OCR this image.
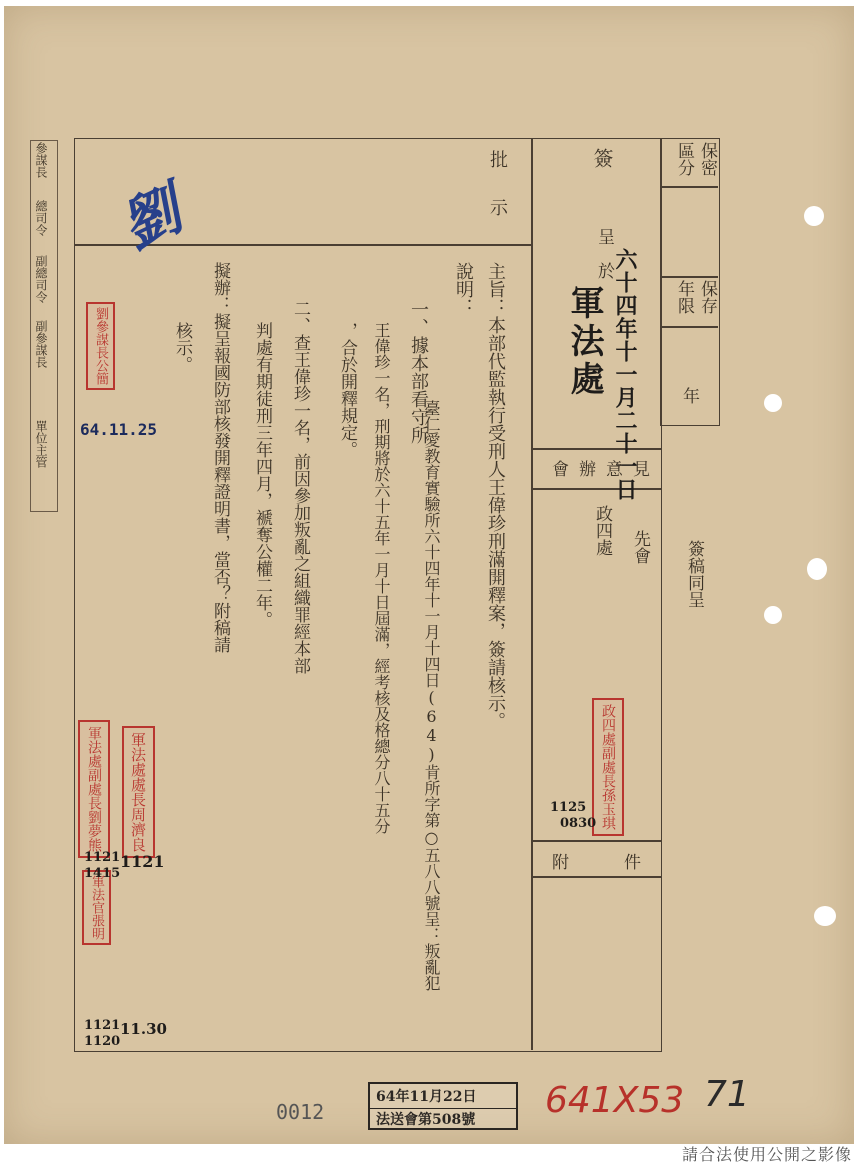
保密
區分
保存
年限
年
簽稿同呈
簽
呈
於
軍法處 六十四年十一月二十一日
批示
劉
會辦意見
政四處 先會
附件
參謀長
總司令
副總司令
副參謀長
單位主管
劉參謀長公簡
64.11.25	主旨：本部代監執行受刑人王偉珍刑滿開釋案，簽請核示。
說明：
一、據本部看守所
臺仁愛教育實驗所六十四年十一月十四日(64)肯所字第○五八八號呈：叛亂犯
王偉珍一名，刑期將於六十五年一月十日屆滿，經考核及格總分八十五分
，合於開釋規定。
二、查王偉珍一名，前因參加叛亂之組織罪經本部
判處有期徒刑三年四月，褫奪公權二年。
擬辦：擬呈報國防部核發開釋證明書，當否？附稿請
核示。
軍法處副處長劉夢熊	軍法處處長周濟良
軍法官張明
政四處副處長孫玉琪
1121
1415
1121
1121
1120
11.30
1125
0830
64年11月22日
法送會第508號
0012	641X53 71
請合法使用公開之影像
